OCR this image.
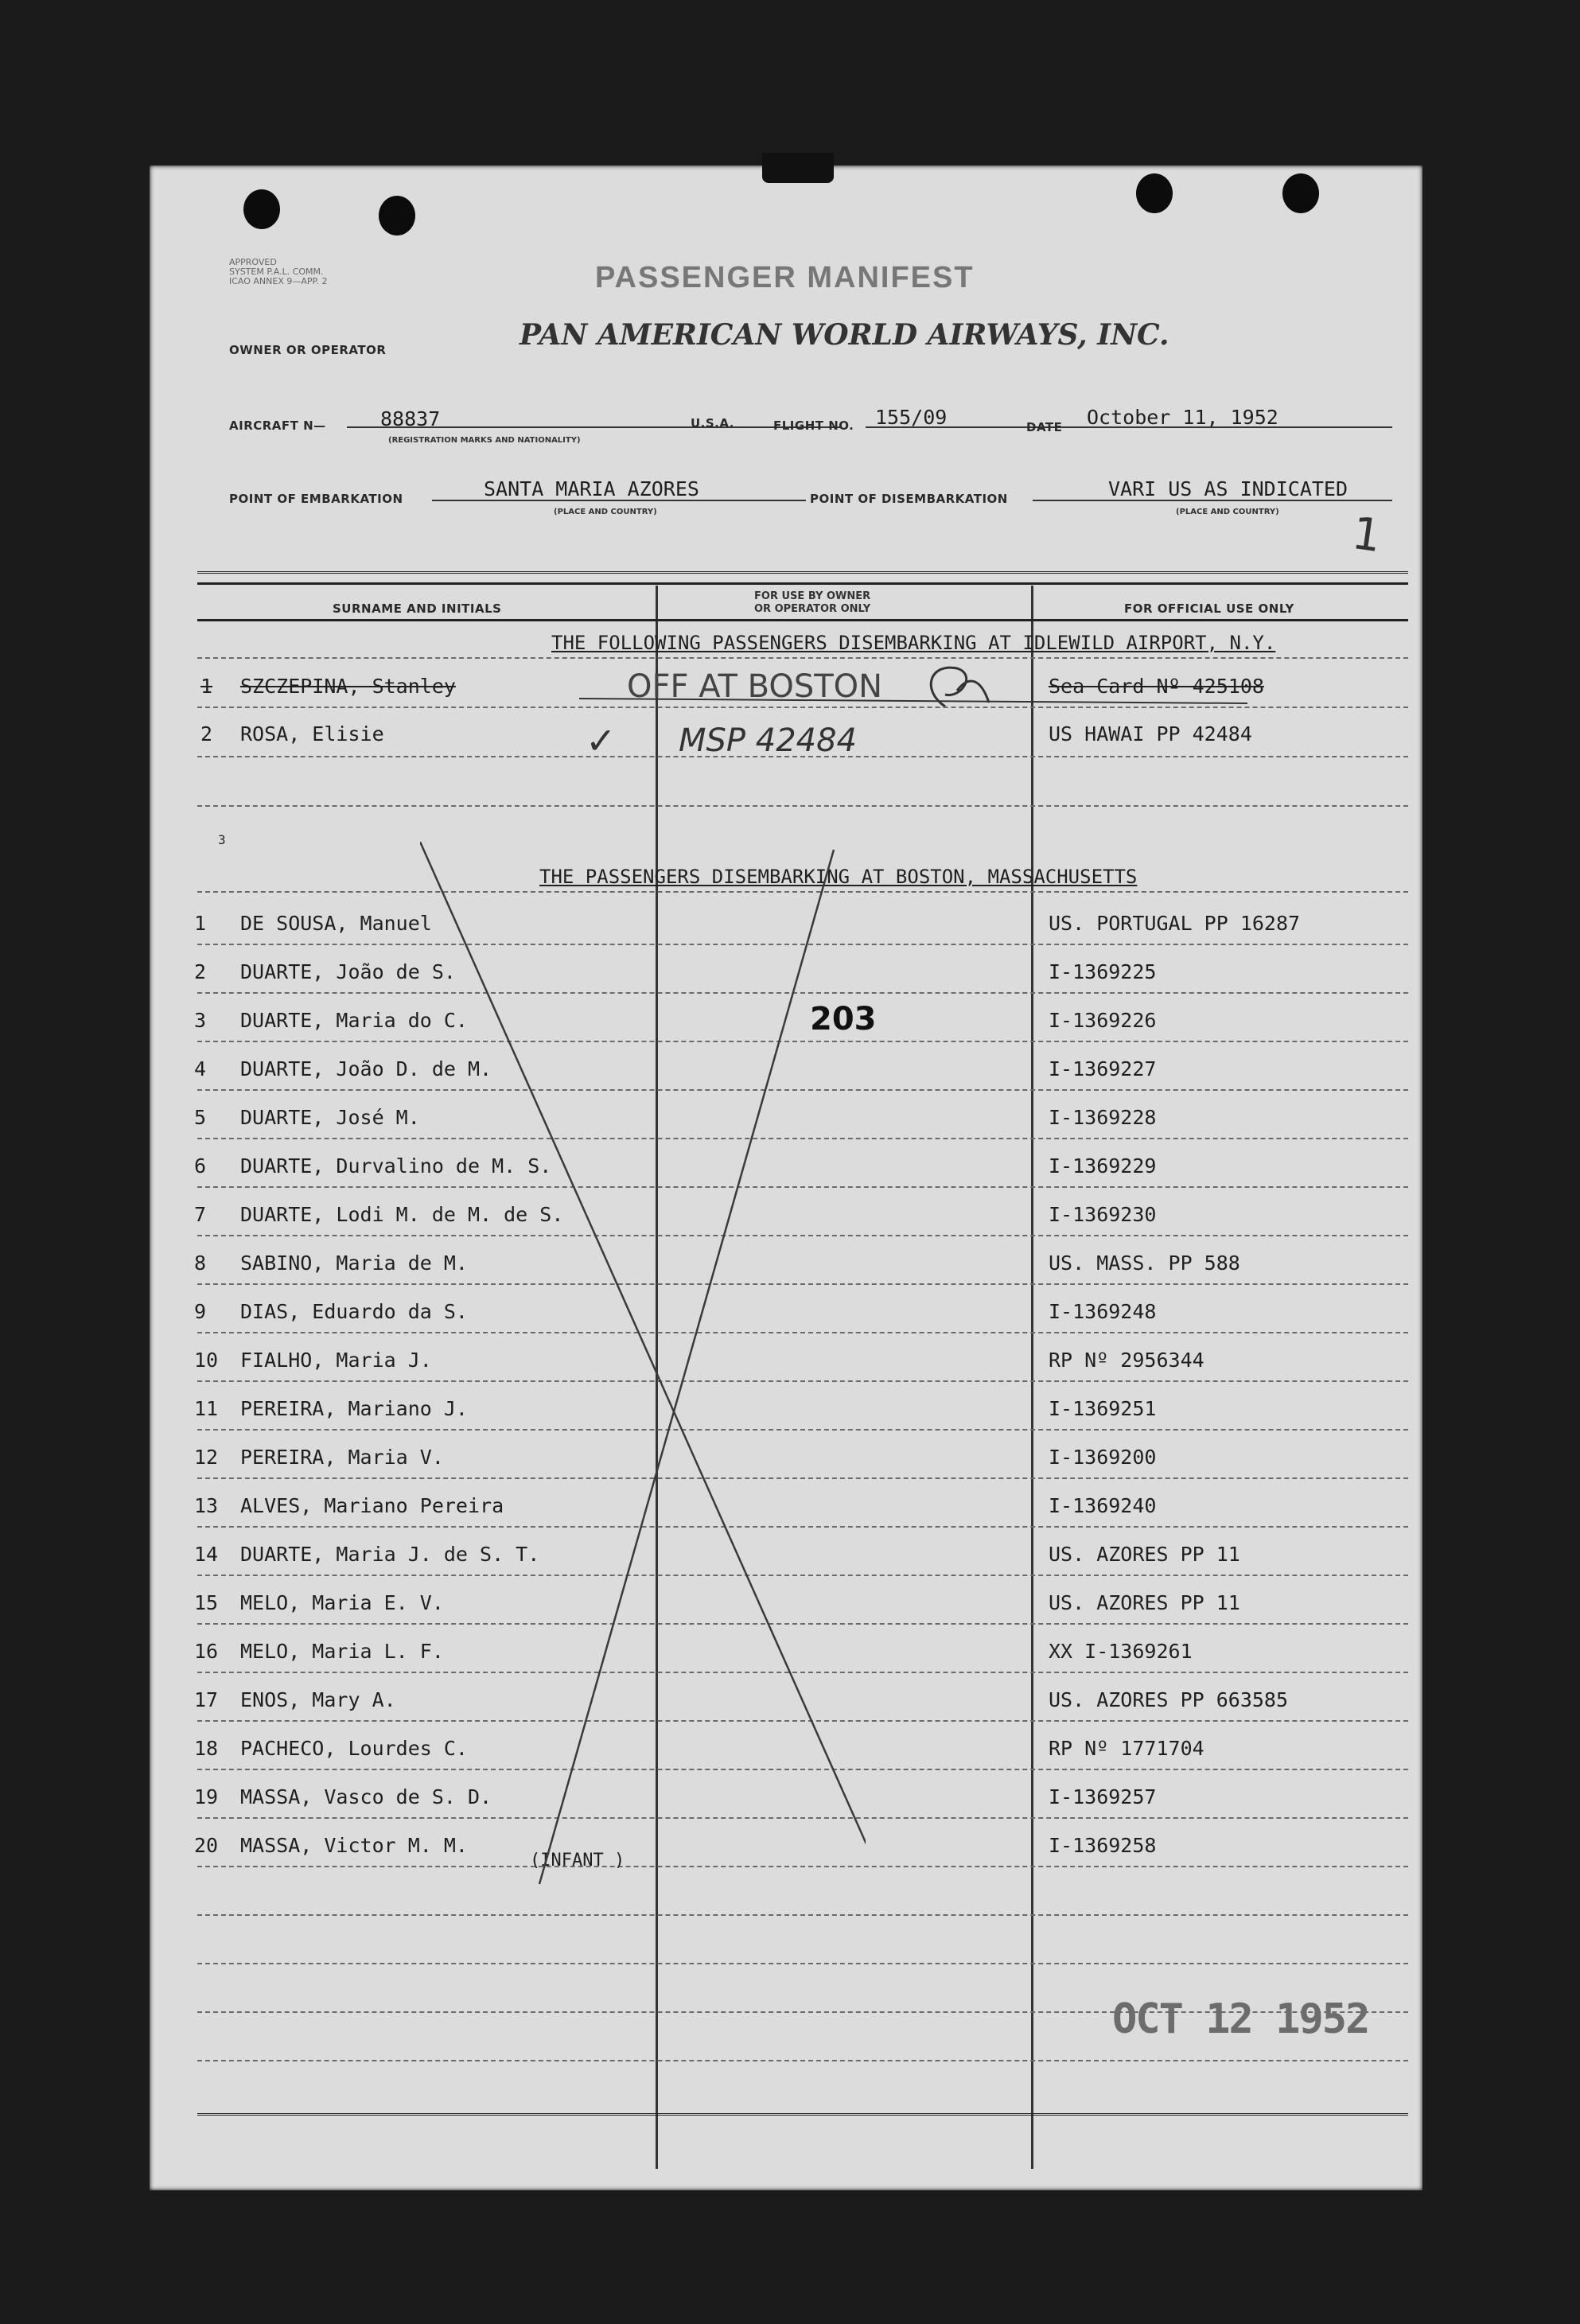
APPROVED
SYSTEM P.A.L. COMM.
ICAO ANNEX 9—APP. 2	PASSENGER MANIFEST
PAN AMERICAN WORLD AIRWAYS, INC.
OWNER OR OPERATOR
AIRCRAFT N—	88837
(REGISTRATION MARKS AND NATIONALITY)
U.S.A.	FLIGHT NO. 155/09	DATE October 11, 1952
POINT OF EMBARKATION	SANTA MARIA AZORES
(PLACE AND COUNTRY)
POINT OF DISEMBARKATION	VARI US AS INDICATED
(PLACE AND COUNTRY) 1
SURNAME AND INITIALS
FOR USE BY OWNER
OR OPERATOR ONLY	FOR OFFICIAL USE ONLY
THE FOLLOWING PASSENGERS DISEMBARKING AT IDLEWILD AIRPORT, N.Y.
1 SZCZEPINA, Stanley	Sea Card Nº 425108
OFF AT BOSTON
2 ROSA, Elisie	US HAWAI PP 42484
✓ MSP 42484
3
THE PASSENGERS DISEMBARKING AT BOSTON, MASSACHUSETTS
203
1 DE SOUSA, Manuel	US. PORTUGAL PP 16287
2 DUARTE, João de S.	I-1369225
3 DUARTE, Maria do C.	I-1369226
4 DUARTE, João D. de M.	I-1369227
5 DUARTE, José M.	I-1369228
6 DUARTE, Durvalino de M. S.	I-1369229
7 DUARTE, Lodi M. de M. de S.	I-1369230
8 SABINO, Maria de M.	US. MASS. PP 588
9 DIAS, Eduardo da S.	I-1369248
10 FIALHO, Maria J.	RP Nº 2956344
11 PEREIRA, Mariano J.	I-1369251
12 PEREIRA, Maria V.	I-1369200
13 ALVES, Mariano Pereira	I-1369240
14 DUARTE, Maria J. de S. T.	US. AZORES PP 11
15 MELO, Maria E. V.	US. AZORES PP 11
16 MELO, Maria L. F.	XX I-1369261
17 ENOS, Mary A.	US. AZORES PP 663585
18 PACHECO, Lourdes C.	RP Nº 1771704
19 MASSA, Vasco de S. D.	I-1369257
20 MASSA, Victor M. M.	I-1369258
(INFANT )
OCT 12 1952
